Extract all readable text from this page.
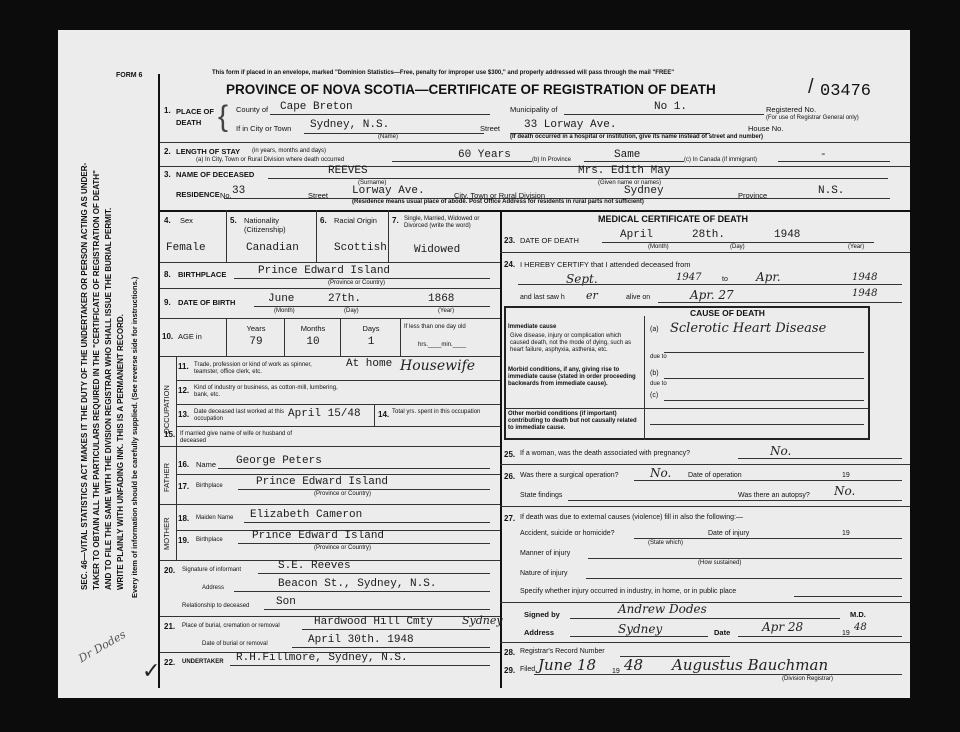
SEC. 46—VITAL STATISTICS ACT MAKES IT THE DUTY OF THE UNDERTAKER OR PERSON ACTING AS UNDER- TAKER TO OBTAIN ALL THE PARTICULARS REQUIRED IN THE "CERTIFICATE OF REGISTRATION OF DEATH" AND TO FILE THE SAME WITH THE DIVISION REGISTRAR WHO SHALL ISSUE THE BURIAL PERMIT. WRITE PLAINLY WITH UNFADING INK. THIS IS A PERMANENT RECORD. Every item of information should be carefully supplied. (See reverse side for instructions.)
Dr Dodes
✓
FORM 6	This form if placed in an envelope, marked "Dominion Statistics—Free, penalty for improper use $300," and properly addressed will pass through the mail "FREE"
PROVINCE OF NOVA SCOTIA—CERTIFICATE OF REGISTRATION OF DEATH	03476
/
1. PLACE OF DEATH { County of Cape Breton	Municipality of	No 1.	Registered No.
(For use of Registrar General only)
If in City or Town Sydney, N.S.
(Name)
Street 33 Lorway Ave.	House No.
(If death occurred in a hospital or institution, give its name instead of street and number)
2. LENGTH OF STAY (in years, months and days)
(a) In City, Town or Rural Division where death occurred	60 Years	(b) In Province	Same	(c) In Canada (if immigrant)	-
3. NAME OF DECEASED	REEVES	Mrs. Edith May
(Surname)	(Given name or names)
RESIDENCE No. 33	Street Lorway Ave.	City, Town or Rural Division	Sydney	Province	N.S.
(Residence means usual place of abode. Post Office Address for residents in rural parts not sufficient)
4. Sex
Female
5. Nationality (Citizenship)
Canadian
6. Racial Origin
Scottish
7. Single, Married, Widowed or Divorced (write the word)
Widowed
8. BIRTHPLACE	Prince Edward Island
(Province or Country)
9. DATE OF BIRTH	June	27th.	1868
(Month)	(Day)	(Year)
10. AGE in
Years	Months	Days
79	10	1
If less than one day old
hrs.____min.____
OCCUPATION
11. Trade, profession or kind of work as spinner, teamster, office clerk, etc.
At home Housewife
12. Kind of industry or business, as cotton-mill, lumbering, bank, etc.
13. Date deceased last worked at this occupation	April 15/48 14. Total yrs. spent in this occupation
15. If married give name of wife or husband of deceased
FATHER 16. Name George Peters
17. Birthplace	Prince Edward Island
(Province or Country)
MOTHER 18. Maiden Name Elizabeth Cameron
19. Birthplace	Prince Edward Island
(Province or Country)
20. Signature of informant	S.E. Reeves
Address	Beacon St., Sydney, N.S.
Relationship to deceased Son
21. Place of burial, cremation or removal	Hardwood Hill Cmty	Sydney
Date of burial or removal	April 30th. 1948
22. UNDERTAKER R.H.Fillmore, Sydney, N.S.
MEDICAL CERTIFICATE OF DEATH
23. DATE OF DEATH	April	28th.	1948
(Month)	(Day)	(Year)
24. I HEREBY CERTIFY that I attended deceased from
Sept.	1947	to Apr.	1948
and last saw h er	alive on	Apr. 27	1948
CAUSE OF DEATH
Immediate cause
Give disease, injury or complication which caused death, not the mode of dying, such as heart failure, asphyxia, asthenia, etc.
(a) Sclerotic Heart Disease
due to
Morbid conditions, if any, giving rise to immediate cause (stated in order proceeding backwards from immediate cause).
(b)
due to
(c)
Other morbid conditions (if important) contributing to death but not causally related to immediate cause.
25. If a woman, was the death associated with pregnancy?	No.
26. Was there a surgical operation?	No. Date of operation	19
State findings	Was there an autopsy? No.
27. If death was due to external causes (violence) fill in also the following:—
Accident, suicide or homicide?	Date of injury	19
(State which)
Manner of injury
(How sustained)
Nature of injury
Specify whether injury occurred in industry, in home, or in public place
Signed by	Andrew Dodes	M.D.
Address	Sydney	Date	Apr 28	19
48
28. Registrar's Record Number
29. Filed June 18 19 48 Augustus Bauchman
(Division Registrar)
